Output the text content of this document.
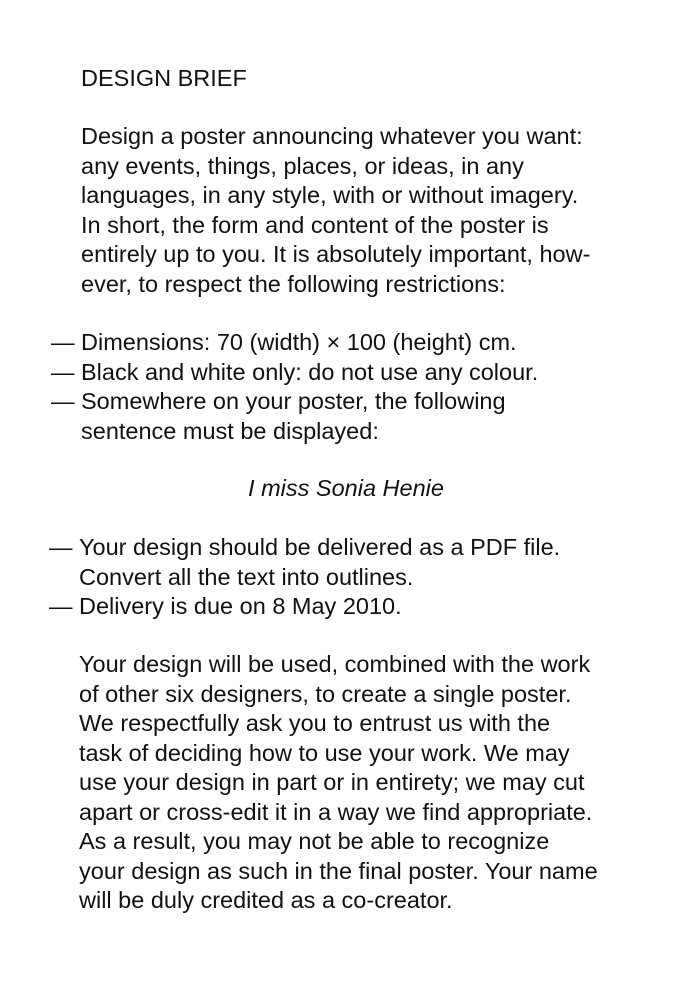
DESIGN BRIEF
Design a poster announcing whatever you want:
any events, things, places, or ideas, in any
languages, in any style, with or without imagery.
In short, the form and content of the poster is
entirely up to you. It is absolutely important, how-
ever, to respect the following restrictions:
— Dimensions: 70 (width) × 100 (height) cm.
— Black and white only: do not use any colour.
— Somewhere on your poster, the following
sentence must be displayed:
I miss Sonia Henie
— Your design should be delivered as a PDF file.
Convert all the text into outlines.
— Delivery is due on 8 May 2010.
Your design will be used, combined with the work
of other six designers, to create a single poster.
We respectfully ask you to entrust us with the
task of deciding how to use your work. We may
use your design in part or in entirety; we may cut
apart or cross-edit it in a way we find appropriate.
As a result, you may not be able to recognize
your design as such in the final poster. Your name
will be duly credited as a co-creator.
